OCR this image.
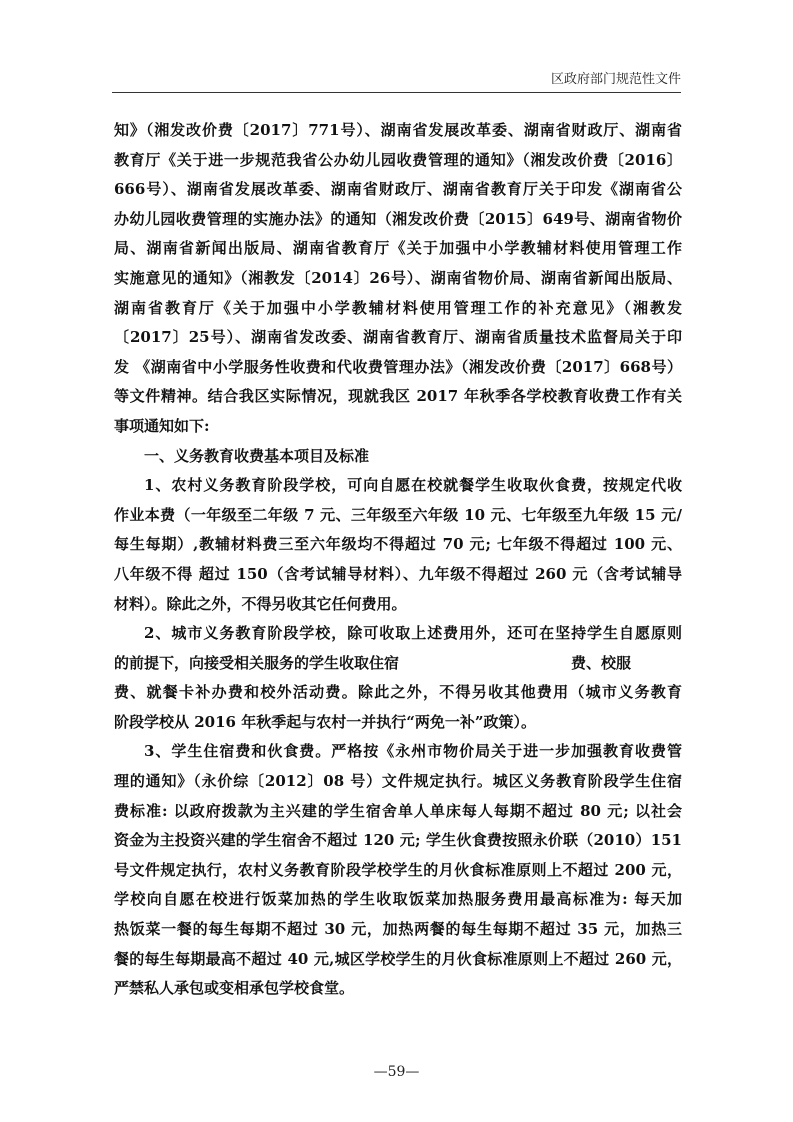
区政府部门规范性文件
知》（湘发改价费〔2017〕771号）、湖南省发展改革委、湖南省财政厅、湖南省
教育厅《关于进一步规范我省公办幼儿园收费管理的通知》（湘发改价费〔2016〕
666号）、湖南省发展改革委、湖南省财政厅、湖南省教育厅关于印发《湖南省公
办幼儿园收费管理的实施办法》的通知（湘发改价费〔2015〕649号、湖南省物价
局、湖南省新闻出版局、湖南省教育厅《关于加强中小学教辅材料使用管理工作
实施意见的通知》（湘教发〔2014〕26号）、湖南省物价局、湖南省新闻出版局、
湖南省教育厅《关于加强中小学教辅材料使用管理工作的补充意见》（湘教发
〔2017〕25号）、湖南省发改委、湖南省教育厅、湖南省质量技术监督局关于印
发 《湖南省中小学服务性收费和代收费管理办法》（湘发改价费〔2017〕668号）
等文件精神。结合我区实际情况，现就我区 2017 年秋季各学校教育收费工作有关
事项通知如下:
一、义务教育收费基本项目及标准
1、农村义务教育阶段学校，可向自愿在校就餐学生收取伙食费，按规定代收
作业本费（一年级至二年级 7 元、三年级至六年级 10 元、七年级至九年级 15 元/
每生每期）,教辅材料费三至六年级均不得超过 70 元; 七年级不得超过 100 元、
八年级不得 超过 150（含考试辅导材料）、九年级不得超过 260 元（含考试辅导
材料）。除此之外，不得另收其它任何费用。
2、城市义务教育阶段学校，除可收取上述费用外，还可在坚持学生自愿原则
的前提下，向接受相关服务的学生收取住宿	费、校服
费、就餐卡补办费和校外活动费。除此之外，不得另收其他费用（城市义务教育
阶段学校从 2016 年秋季起与农村一并执行“两免一补”政策）。
3、学生住宿费和伙食费。严格按《永州市物价局关于进一步加强教育收费管
理的通知》（永价综〔2012〕08 号）文件规定执行。城区义务教育阶段学生住宿
费标准: 以政府拨款为主兴建的学生宿舍单人单床每人每期不超过 80 元; 以社会
资金为主投资兴建的学生宿舍不超过 120 元; 学生伙食费按照永价联（2010）151
号文件规定执行，农村义务教育阶段学校学生的月伙食标准原则上不超过 200 元，
学校向自愿在校进行饭菜加热的学生收取饭菜加热服务费用最高标准为: 每天加
热饭菜一餐的每生每期不超过 30 元，加热两餐的每生每期不超过 35 元，加热三
餐的每生每期最高不超过 40 元,城区学校学生的月伙食标准原则上不超过 260 元，
严禁私人承包或变相承包学校食堂。
—59—
